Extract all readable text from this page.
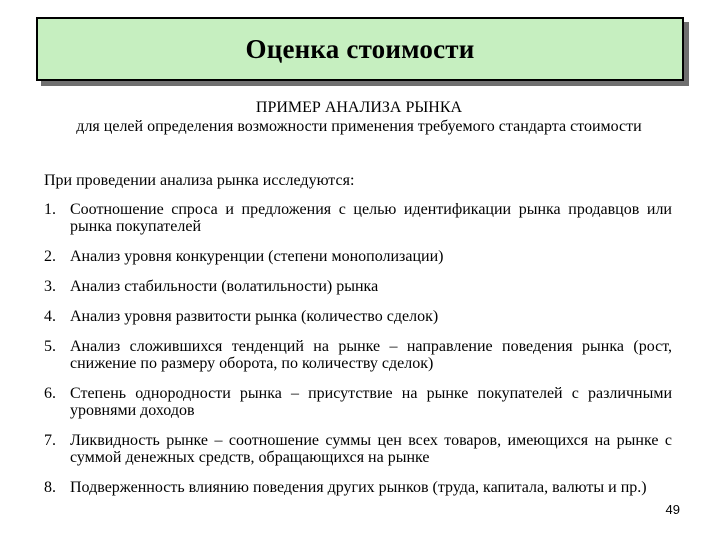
Оценка стоимости
ПРИМЕР АНАЛИЗА РЫНКА
для целей определения возможности применения требуемого стандарта стоимости
При проведении анализа рынка исследуются:
1. Соотношение спроса и предложения с целью идентификации рынка продавцов или рынка покупателей
2. Анализ уровня конкуренции (степени монополизации)
3. Анализ стабильности (волатильности) рынка
4. Анализ уровня развитости рынка (количество сделок)
5. Анализ сложившихся тенденций на рынке – направление поведения рынка (рост, снижение по размеру оборота, по количеству сделок)
6. Степень однородности рынка – присутствие на рынке покупателей с различными уровнями доходов
7. Ликвидность рынке – соотношение суммы цен всех товаров, имеющихся на рынке с суммой денежных средств, обращающихся на рынке
8. Подверженность влиянию поведения других рынков (труда, капитала, валюты и пр.)
49
